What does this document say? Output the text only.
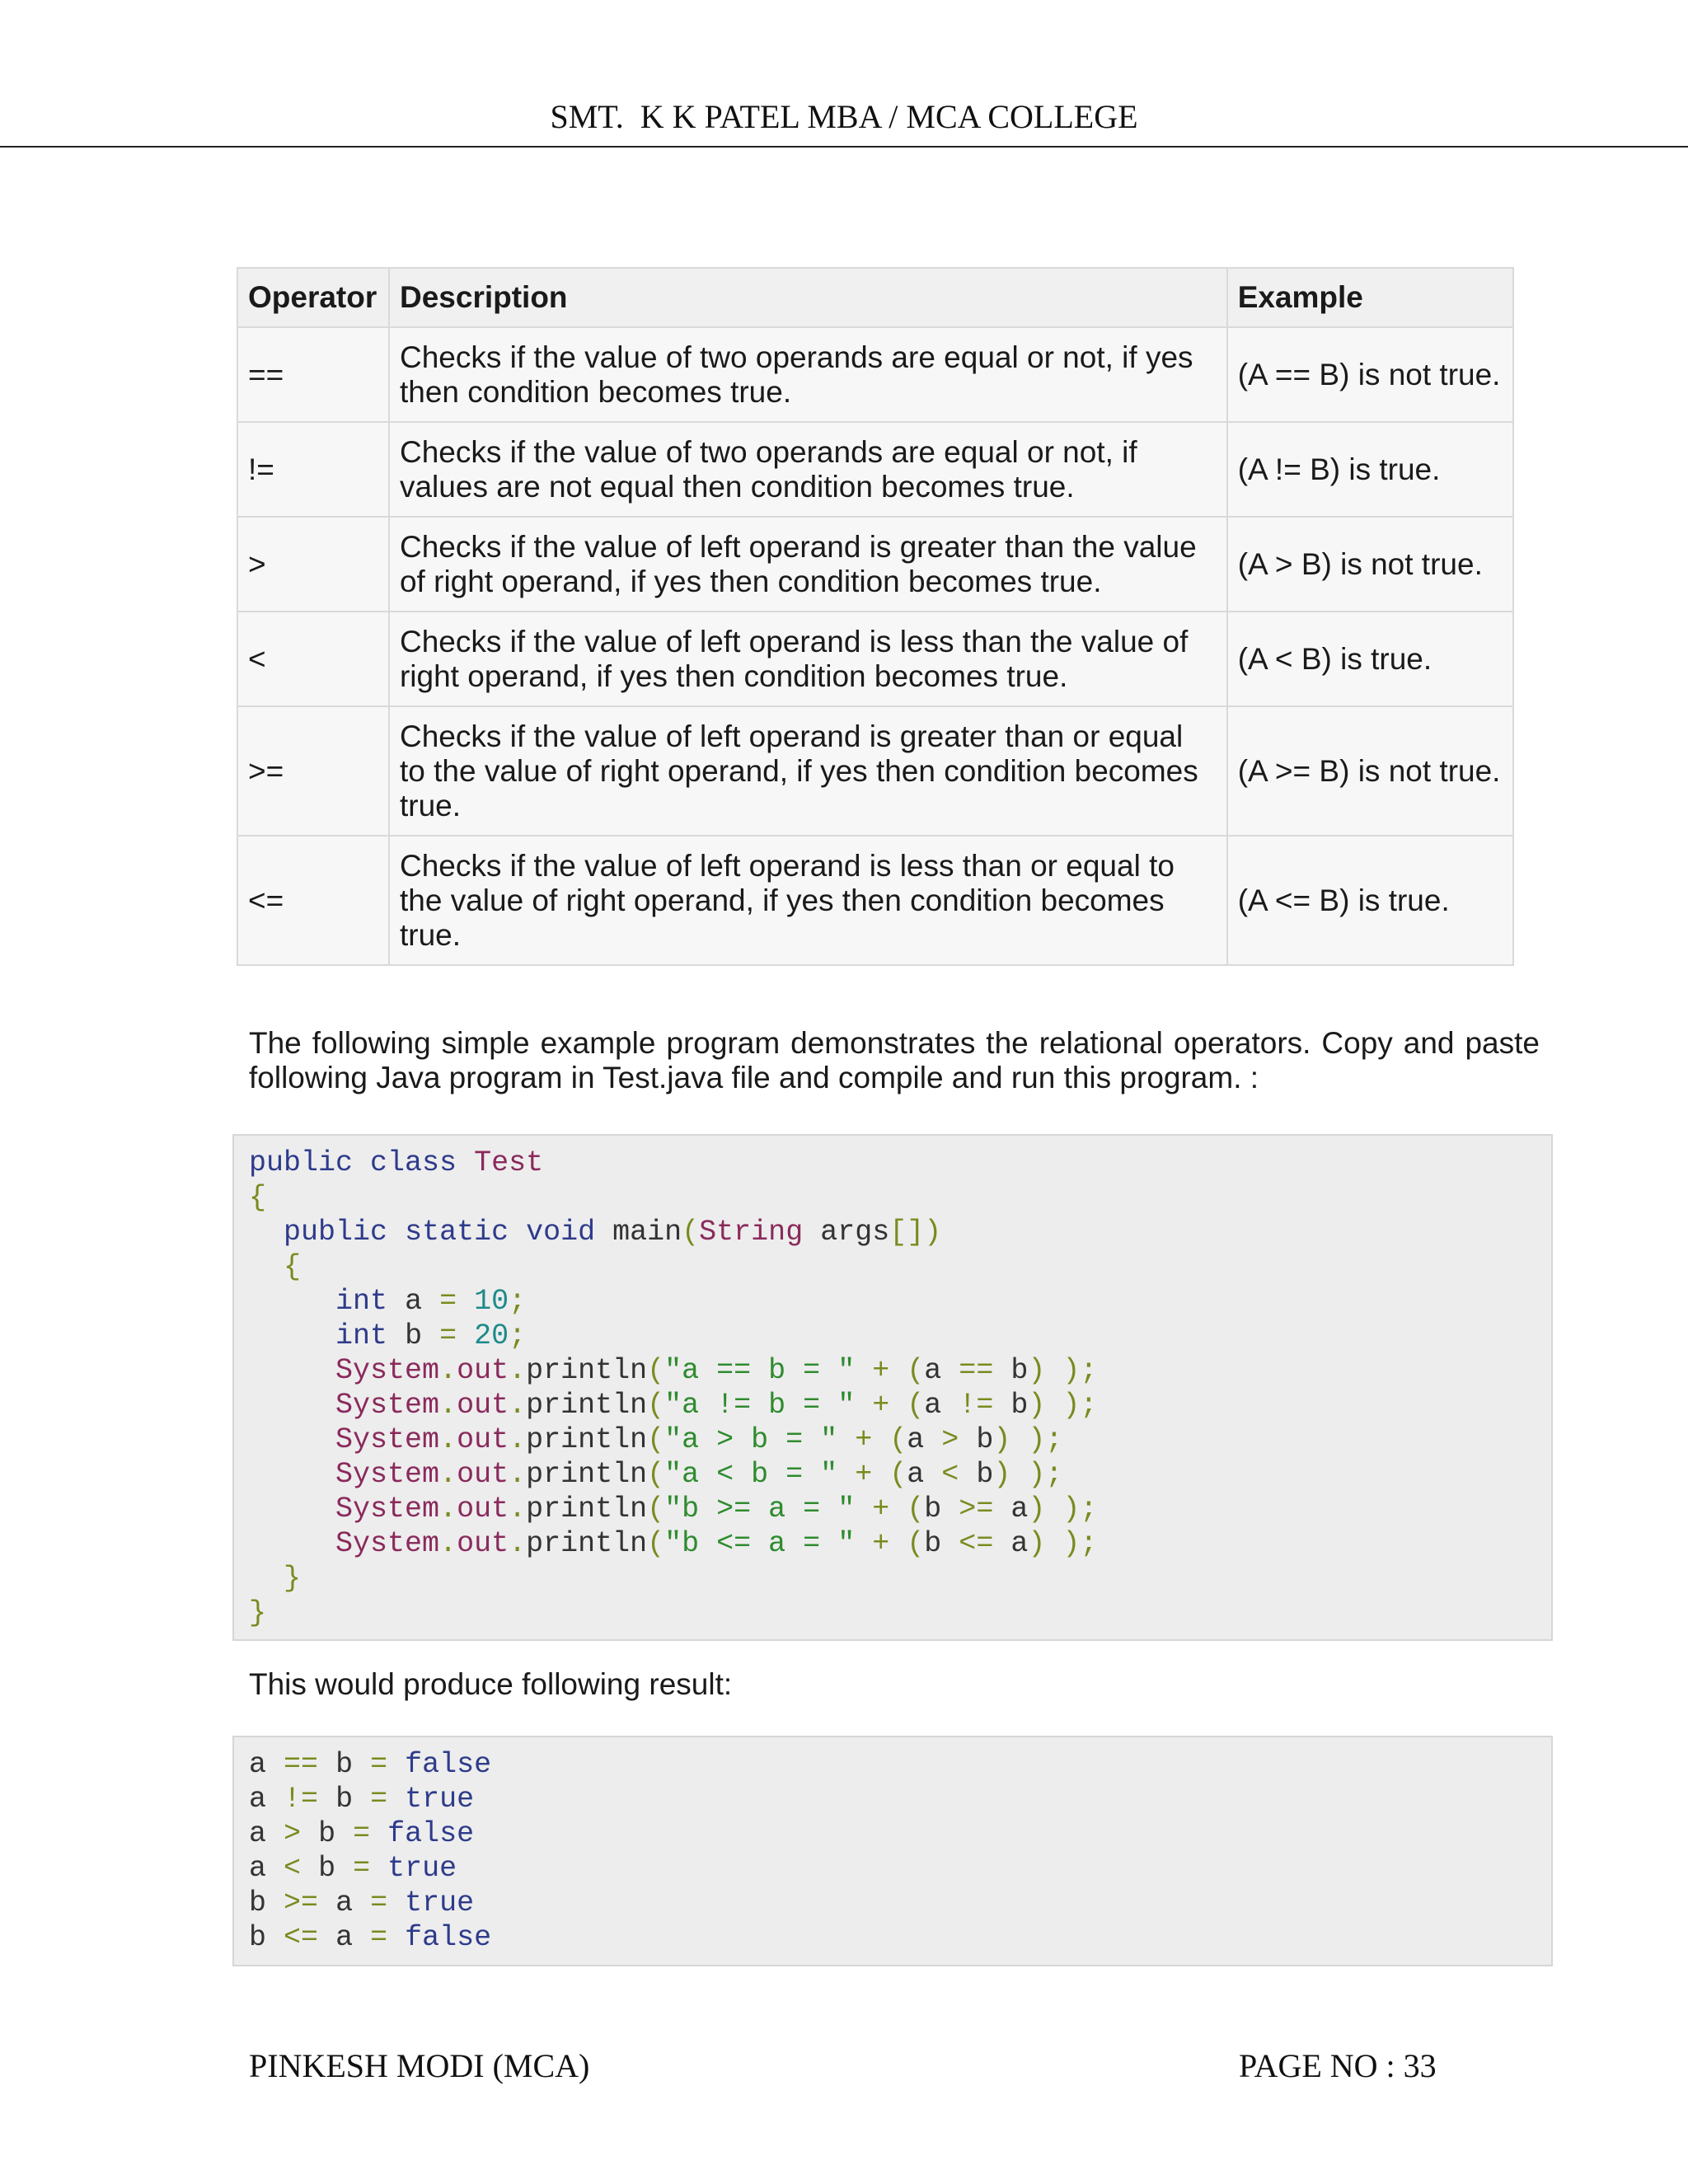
SMT.  K K PATEL MBA / MCA COLLEGE
Operator	Description	Example
==	Checks if the value of two operands are equal or not, if yes then condition becomes true.	(A == B) is not true.
!=	Checks if the value of two operands are equal or not, if values are not equal then condition becomes true.	(A != B) is true.
>	Checks if the value of left operand is greater than the value of right operand, if yes then condition becomes true.	(A > B) is not true.
<	Checks if the value of left operand is less than the value of right operand, if yes then condition becomes true.	(A < B) is true.
>=	Checks if the value of left operand is greater than or equal to the value of right operand, if yes then condition becomes true.	(A >= B) is not true.
<=	Checks if the value of left operand is less than or equal to the value of right operand, if yes then condition becomes true.	(A <= B) is true.
The following simple example program demonstrates the relational operators. Copy and paste following Java program in Test.java file and compile and run this program. :
public class Test
{
public static void main(String args[])
{
int a = 10;
int b = 20;
System.out.println("a == b = " + (a == b) );
System.out.println("a != b = " + (a != b) );
System.out.println("a > b = " + (a > b) );
System.out.println("a < b = " + (a < b) );
System.out.println("b >= a = " + (b >= a) );
System.out.println("b <= a = " + (b <= a) );
}
}
This would produce following result:
a == b = false
a != b = true
a > b = false
a < b = true
b >= a = true
b <= a = false
PINKESH MODI (MCA)	PAGE NO : 33
